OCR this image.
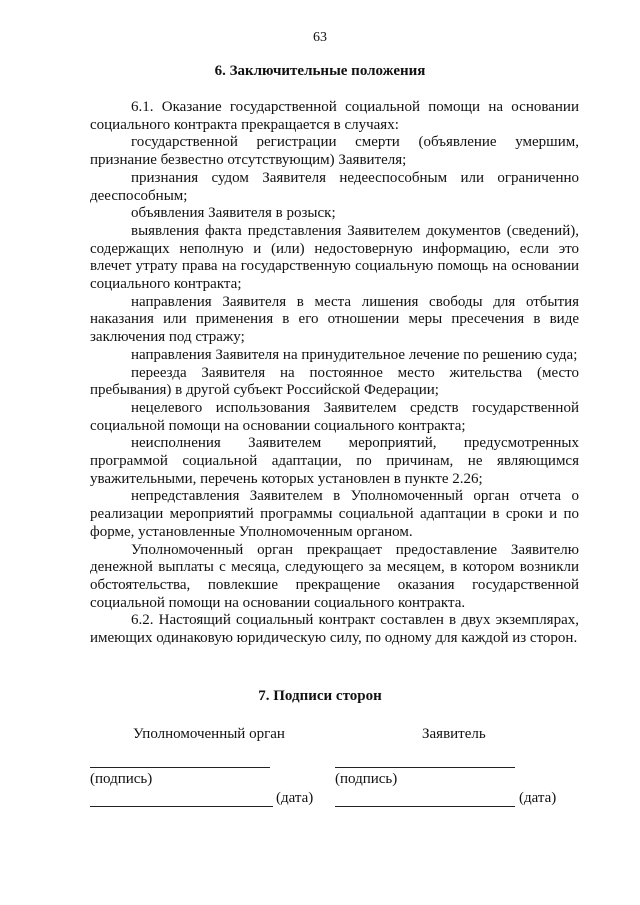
63
6. Заключительные положения

6.1. Оказание государственной социальной помощи на основании социального контракта прекращается в случаях:

государственной регистрации смерти (объявление умершим, признание безвестно отсутствующим) Заявителя;

признания судом Заявителя недееспособным или ограниченно дееспособным;

объявления Заявителя в розыск;

выявления факта представления Заявителем документов (сведений), содержащих неполную и (или) недостоверную информацию, если это влечет утрату права на государственную социальную помощь на основании социального контракта;

направления Заявителя в места лишения свободы для отбытия наказания или применения в его отношении меры пресечения в виде заключения под стражу;

направления Заявителя на принудительное лечение по решению суда;

переезда Заявителя на постоянное место жительства (место пребывания) в другой субъект Российской Федерации;

нецелевого использования Заявителем средств государственной социальной помощи на основании социального контракта;

неисполнения Заявителем мероприятий, предусмотренных программой социальной адаптации, по причинам, не являющимся уважительными, перечень которых установлен в пункте 2.26;

непредставления Заявителем в Уполномоченный орган отчета о реализации мероприятий программы социальной адаптации в сроки и по форме, установленные Уполномоченным органом.

Уполномоченный орган прекращает предоставление Заявителю денежной выплаты с месяца, следующего за месяцем, в котором возникли обстоятельства, повлекшие прекращение оказания государственной социальной помощи на основании социального контракта.

6.2. Настоящий социальный контракт составлен в двух экземплярах, имеющих одинаковую юридическую силу, по одному для каждой из сторон.

7. Подписи сторон
Уполномоченный орган	Заявитель
(подпись)	(подпись)
(дата)	(дата)
